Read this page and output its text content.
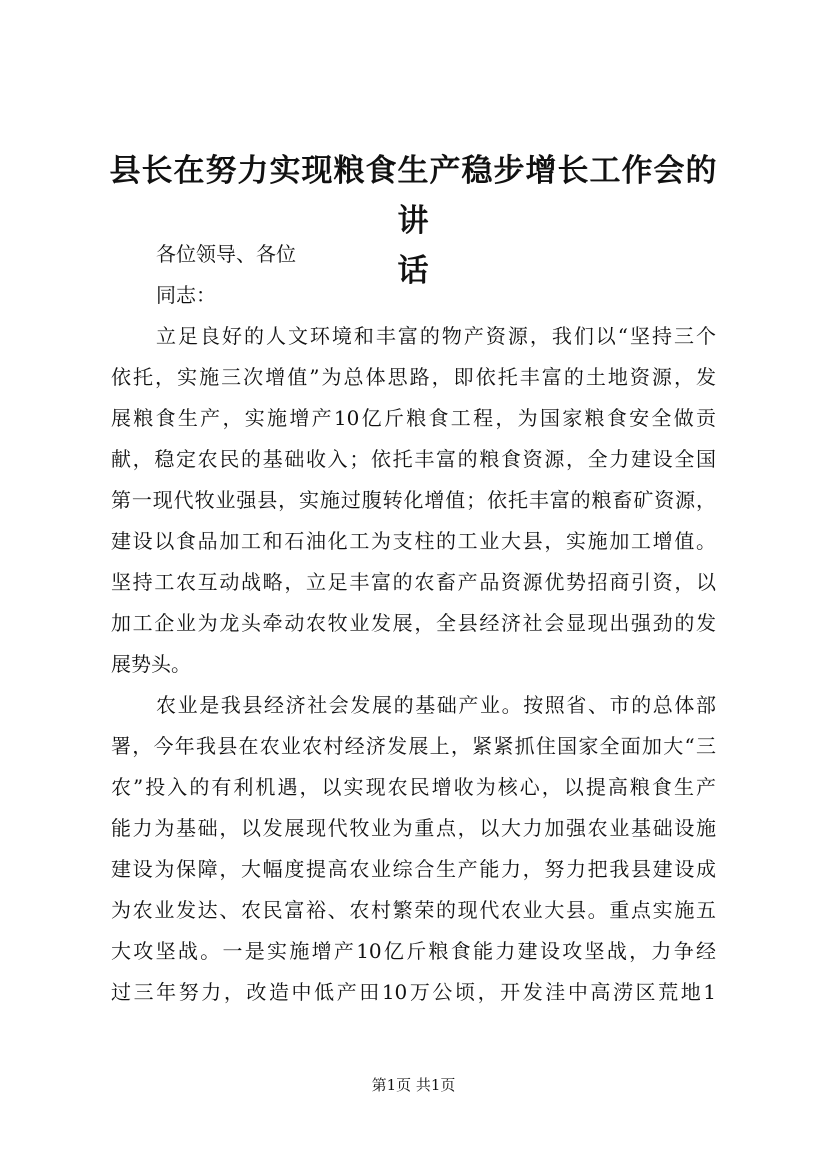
县长在努力实现粮食生产稳步增长工作会的讲
话

各位领导、各位

同志：

立足良好的人文环境和丰富的物产资源，我们以“坚持三个

依托，实施三次增值”为总体思路，即依托丰富的土地资源，发

展粮食生产，实施增产10亿斤粮食工程，为国家粮食安全做贡

献，稳定农民的基础收入；依托丰富的粮食资源，全力建设全国

第一现代牧业强县，实施过腹转化增值；依托丰富的粮畜矿资源，

建设以食品加工和石油化工为支柱的工业大县，实施加工增值。

坚持工农互动战略，立足丰富的农畜产品资源优势招商引资，以

加工企业为龙头牵动农牧业发展，全县经济社会显现出强劲的发

展势头。

农业是我县经济社会发展的基础产业。按照省、市的总体部

署，今年我县在农业农村经济发展上，紧紧抓住国家全面加大“三

农”投入的有利机遇，以实现农民增收为核心，以提高粮食生产

能力为基础，以发展现代牧业为重点，以大力加强农业基础设施

建设为保障，大幅度提高农业综合生产能力，努力把我县建设成

为农业发达、农民富裕、农村繁荣的现代农业大县。重点实施五

大攻坚战。一是实施增产10亿斤粮食能力建设攻坚战，力争经

过三年努力，改造中低产田10万公顷，开发洼中高涝区荒地1

第1页 共1页
